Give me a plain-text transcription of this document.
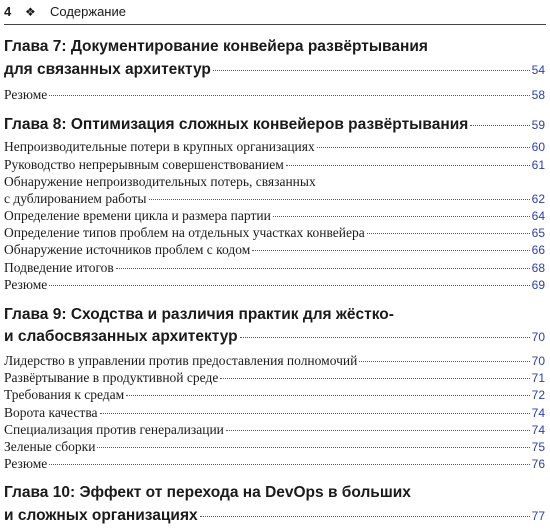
4 ❖ Содержание
Глава 7: Документирование конвейера развёртывания
для связанных архитектур	54
Резюме	58
Глава 8: Оптимизация сложных конвейеров развёртывания	59
Непроизводительные потери в крупных организациях	60
Руководство непрерывным совершенствованием	61
Обнаружение непроизводительных потерь, связанных
с дублированием работы	62
Определение времени цикла и размера партии	64
Определение типов проблем на отдельных участках конвейера	65
Обнаружение источников проблем с кодом	66
Подведение итогов	68
Резюме	69
Глава 9: Сходства и различия практик для жёстко-
и слабосвязанных архитектур	70
Лидерство в управлении против предоставления полномочий	70
Развёртывание в продуктивной среде	71
Требования к средам	72
Ворота качества	74
Специализация против генерализации	74
Зеленые сборки	75
Резюме	76
Глава 10: Эффект от перехода на DevOps в больших
и сложных организациях	77
